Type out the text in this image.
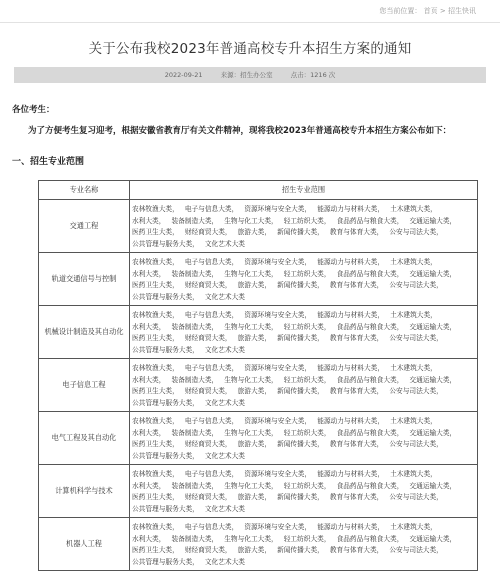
您当前位置： 首页 > 招生快讯
关于公布我校2023年普通高校专升本招生方案的通知
2022-09-21	来源：招生办公室	点击：1216 次
各位考生：
为了方便考生复习迎考，根据安徽省教育厅有关文件精神，现将我校2023年普通高校专升本招生方案公布如下：
一、招生专业范围
专业名称	招生专业范围
交通工程	农林牧渔大类， 电子与信息大类， 资源环境与安全大类， 能源动力与材料大类， 土木建筑大类，水利大类， 装备制造大类， 生物与化工大类， 轻工纺织大类， 食品药品与粮食大类， 交通运输大类，医药卫生大类， 财经商贸大类， 旅游大类， 新闻传播大类， 教育与体育大类， 公安与司法大类，公共管理与服务大类， 文化艺术大类
轨道交通信号与控制	农林牧渔大类， 电子与信息大类， 资源环境与安全大类， 能源动力与材料大类， 土木建筑大类，水利大类， 装备制造大类， 生物与化工大类， 轻工纺织大类， 食品药品与粮食大类， 交通运输大类，医药卫生大类， 财经商贸大类， 旅游大类， 新闻传播大类， 教育与体育大类， 公安与司法大类，公共管理与服务大类， 文化艺术大类
机械设计制造及其自动化	农林牧渔大类， 电子与信息大类， 资源环境与安全大类， 能源动力与材料大类， 土木建筑大类，水利大类， 装备制造大类， 生物与化工大类， 轻工纺织大类， 食品药品与粮食大类， 交通运输大类，医药卫生大类， 财经商贸大类， 旅游大类， 新闻传播大类， 教育与体育大类， 公安与司法大类，公共管理与服务大类， 文化艺术大类
电子信息工程	农林牧渔大类， 电子与信息大类， 资源环境与安全大类， 能源动力与材料大类， 土木建筑大类，水利大类， 装备制造大类， 生物与化工大类， 轻工纺织大类， 食品药品与粮食大类， 交通运输大类，医药卫生大类， 财经商贸大类， 旅游大类， 新闻传播大类， 教育与体育大类， 公安与司法大类，公共管理与服务大类， 文化艺术大类
电气工程及其自动化	农林牧渔大类， 电子与信息大类， 资源环境与安全大类， 能源动力与材料大类， 土木建筑大类，水利大类， 装备制造大类， 生物与化工大类， 轻工纺织大类， 食品药品与粮食大类， 交通运输大类，医药卫生大类， 财经商贸大类， 旅游大类， 新闻传播大类， 教育与体育大类， 公安与司法大类，公共管理与服务大类， 文化艺术大类
计算机科学与技术	农林牧渔大类， 电子与信息大类， 资源环境与安全大类， 能源动力与材料大类， 土木建筑大类，水利大类， 装备制造大类， 生物与化工大类， 轻工纺织大类， 食品药品与粮食大类， 交通运输大类，医药卫生大类， 财经商贸大类， 旅游大类， 新闻传播大类， 教育与体育大类， 公安与司法大类，公共管理与服务大类， 文化艺术大类
机器人工程	农林牧渔大类， 电子与信息大类， 资源环境与安全大类， 能源动力与材料大类， 土木建筑大类，水利大类， 装备制造大类， 生物与化工大类， 轻工纺织大类， 食品药品与粮食大类， 交通运输大类，医药卫生大类， 财经商贸大类， 旅游大类， 新闻传播大类， 教育与体育大类， 公安与司法大类，公共管理与服务大类， 文化艺术大类
